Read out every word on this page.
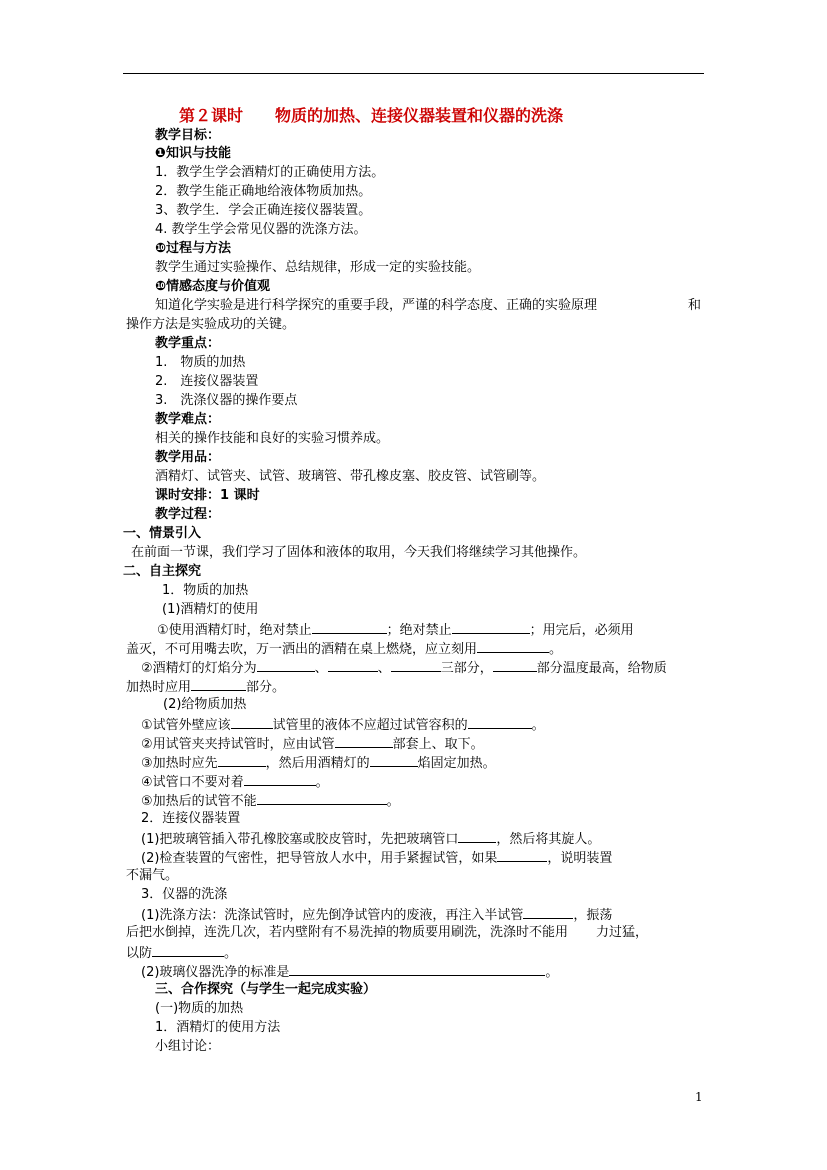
第２课时　　物质的加热、连接仪器装置和仪器的洗涤
教学目标：
❶知识与技能
1．教学生学会酒精灯的正确使用方法。
2．教学生能正确地给液体物质加热。
3、教学生．学会正确连接仪器装置。
4. 教学生学会常见仪器的洗涤方法。
❿过程与方法
教学生通过实验操作、总结规律，形成一定的实验技能。
❿情感态度与价值观
知道化学实验是进行科学探究的重要手段，严谨的科学态度、正确的实验原理	和
操作方法是实验成功的关键。
教学重点：
1.　物质的加热
2.　连接仪器装置
3.　洗涤仪器的操作要点
教学难点：
相关的操作技能和良好的实验习惯养成。
教学用品：
酒精灯、试管夹、试管、玻璃管、带孔橡皮塞、胶皮管、试管刷等。
课时安排：1 课时
教学过程：
一、情景引入
在前面一节课，我们学习了固体和液体的取用，今天我们将继续学习其他操作。
二、自主探究
1．物质的加热
(1)酒精灯的使用
①使用酒精灯时，绝对禁止	；绝对禁止	；用完后，必须用
盖灭，不可用嘴去吹，万一洒出的酒精在桌上燃烧，应立刻用	。
②酒精灯的灯焰分为	、	、	三部分，	部分温度最高，给物质
加热时应用	部分。
(2)给物质加热
①试管外壁应该	试管里的液体不应超过试管容积的	。
②用试管夹夹持试管时，应由试管	部套上、取下。
③加热时应先	，然后用酒精灯的	焰固定加热。
④试管口不要对着	。
⑤加热后的试管不能	。
2．连接仪器装置
(1)把玻璃管插入带孔橡胶塞或胶皮管时，先把玻璃管口	，然后将其旋人。
(2)检查装置的气密性，把导管放人水中，用手紧握试管，如果	，说明装置
不漏气。
3．仪器的洗涤
(1)洗涤方法：洗涤试管时，应先倒净试管内的废液，再注入半试管	，振荡
后把水倒掉，连洗几次，若内壁附有不易洗掉的物质要用刷洗，洗涤时不能用 力过猛，
以防	。
(2)玻璃仪器洗净的标准是	。
三、合作探究（与学生一起完成实验）
(一)物质的加热
1．酒精灯的使用方法
小组讨论：
1
